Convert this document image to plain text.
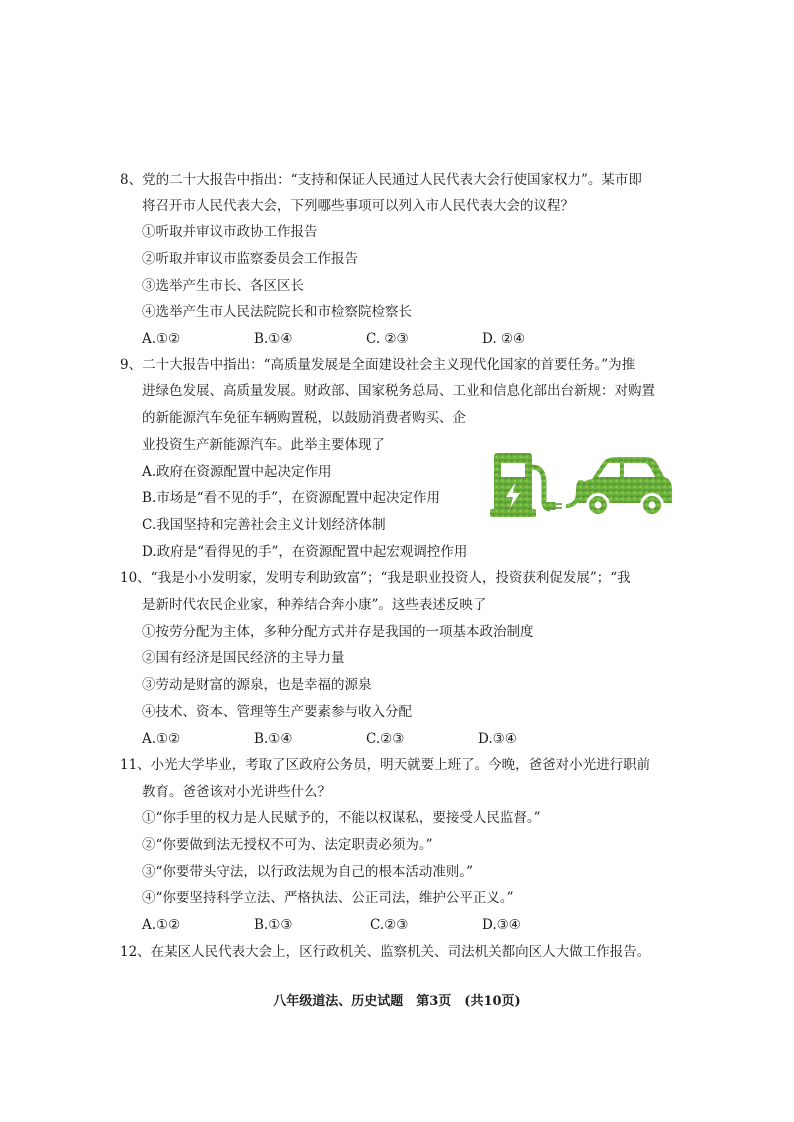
8、党的二十大报告中指出：“支持和保证人民通过人民代表大会行使国家权力”。某市即
将召开市人民代表大会，下列哪些事项可以列入市人民代表大会的议程？
①听取并审议市政协工作报告
②听取并审议市监察委员会工作报告
③选举产生市长、各区区长
④选举产生市人民法院院长和市检察院检察长
A.①②	B.①④	C. ②③	D. ②④
9、二十大报告中指出：“高质量发展是全面建设社会主义现代化国家的首要任务。”为推
进绿色发展、高质量发展。财政部、国家税务总局、工业和信息化部出台新规：对购置
的新能源汽车免征车辆购置税，以鼓励消费者购买、企
业投资生产新能源汽车。此举主要体现了
A.政府在资源配置中起决定作用
B.市场是“看不见的手”，在资源配置中起决定作用
C.我国坚持和完善社会主义计划经济体制
D.政府是“看得见的手”，在资源配置中起宏观调控作用
10、“我是小小发明家，发明专利助致富”；“我是职业投资人，投资获利促发展”；“我
是新时代农民企业家，种养结合奔小康”。这些表述反映了
①按劳分配为主体，多种分配方式并存是我国的一项基本政治制度
②国有经济是国民经济的主导力量
③劳动是财富的源泉，也是幸福的源泉
④技术、资本、管理等生产要素参与收入分配
A.①②	B.①④	C.②③	D.③④
11、小光大学毕业，考取了区政府公务员，明天就要上班了。今晚，爸爸对小光进行职前
教育。爸爸该对小光讲些什么？
①“你手里的权力是人民赋予的，不能以权谋私，要接受人民监督。”
②“你要做到法无授权不可为、法定职责必须为。”
③“你要带头守法，以行政法规为自己的根本活动准则。”
④“你要坚持科学立法、严格执法、公正司法，维护公平正义。”
A.①②	B.①③	C.②③	D.③④
12、在某区人民代表大会上，区行政机关、监察机关、司法机关都向区人大做工作报告。
八年级道法、历史试题　第3页　(共10页)
